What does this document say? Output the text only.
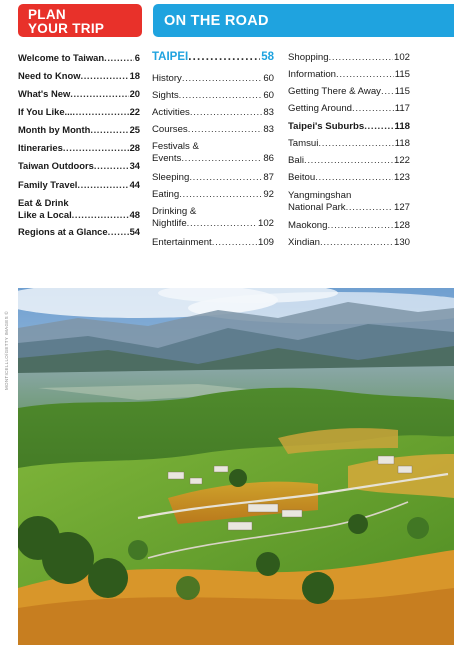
PLAN
YOUR TRIP	ON THE ROAD
Welcome to Taiwan . . .	6
Need to Know . . .	18
What's New . . .	20
If You Like... . . .	22
Month by Month . . .	25
Itineraries . . .	28
Taiwan Outdoors . . .	34
Family Travel . . .	44
Eat & Drink
Like a Local . . .	48
Regions at a Glance . . . 54
TAIPEI . . .	58
History . . .	60
Sights . . .	60
Activities . . .	83
Courses . . .	83
Festivals &
Events . . .	86
Sleeping . . .	87
Eating . . .	92
Drinking &
Nightlife . . .	102
Entertainment . . .	109
Shopping . . .	102
Information . . .	115
Getting There & Away . . . 115
Getting Around . . .	117
Taipei's Suburbs . . .	118
Tamsui . . .	118
Bali . . .	122
Beitou . . .	123
Yangmingshan
National Park . . .	127
Maokong . . .	128
Xindian . . .	130
MONTICELLLO/GETTY IMAGES ©
